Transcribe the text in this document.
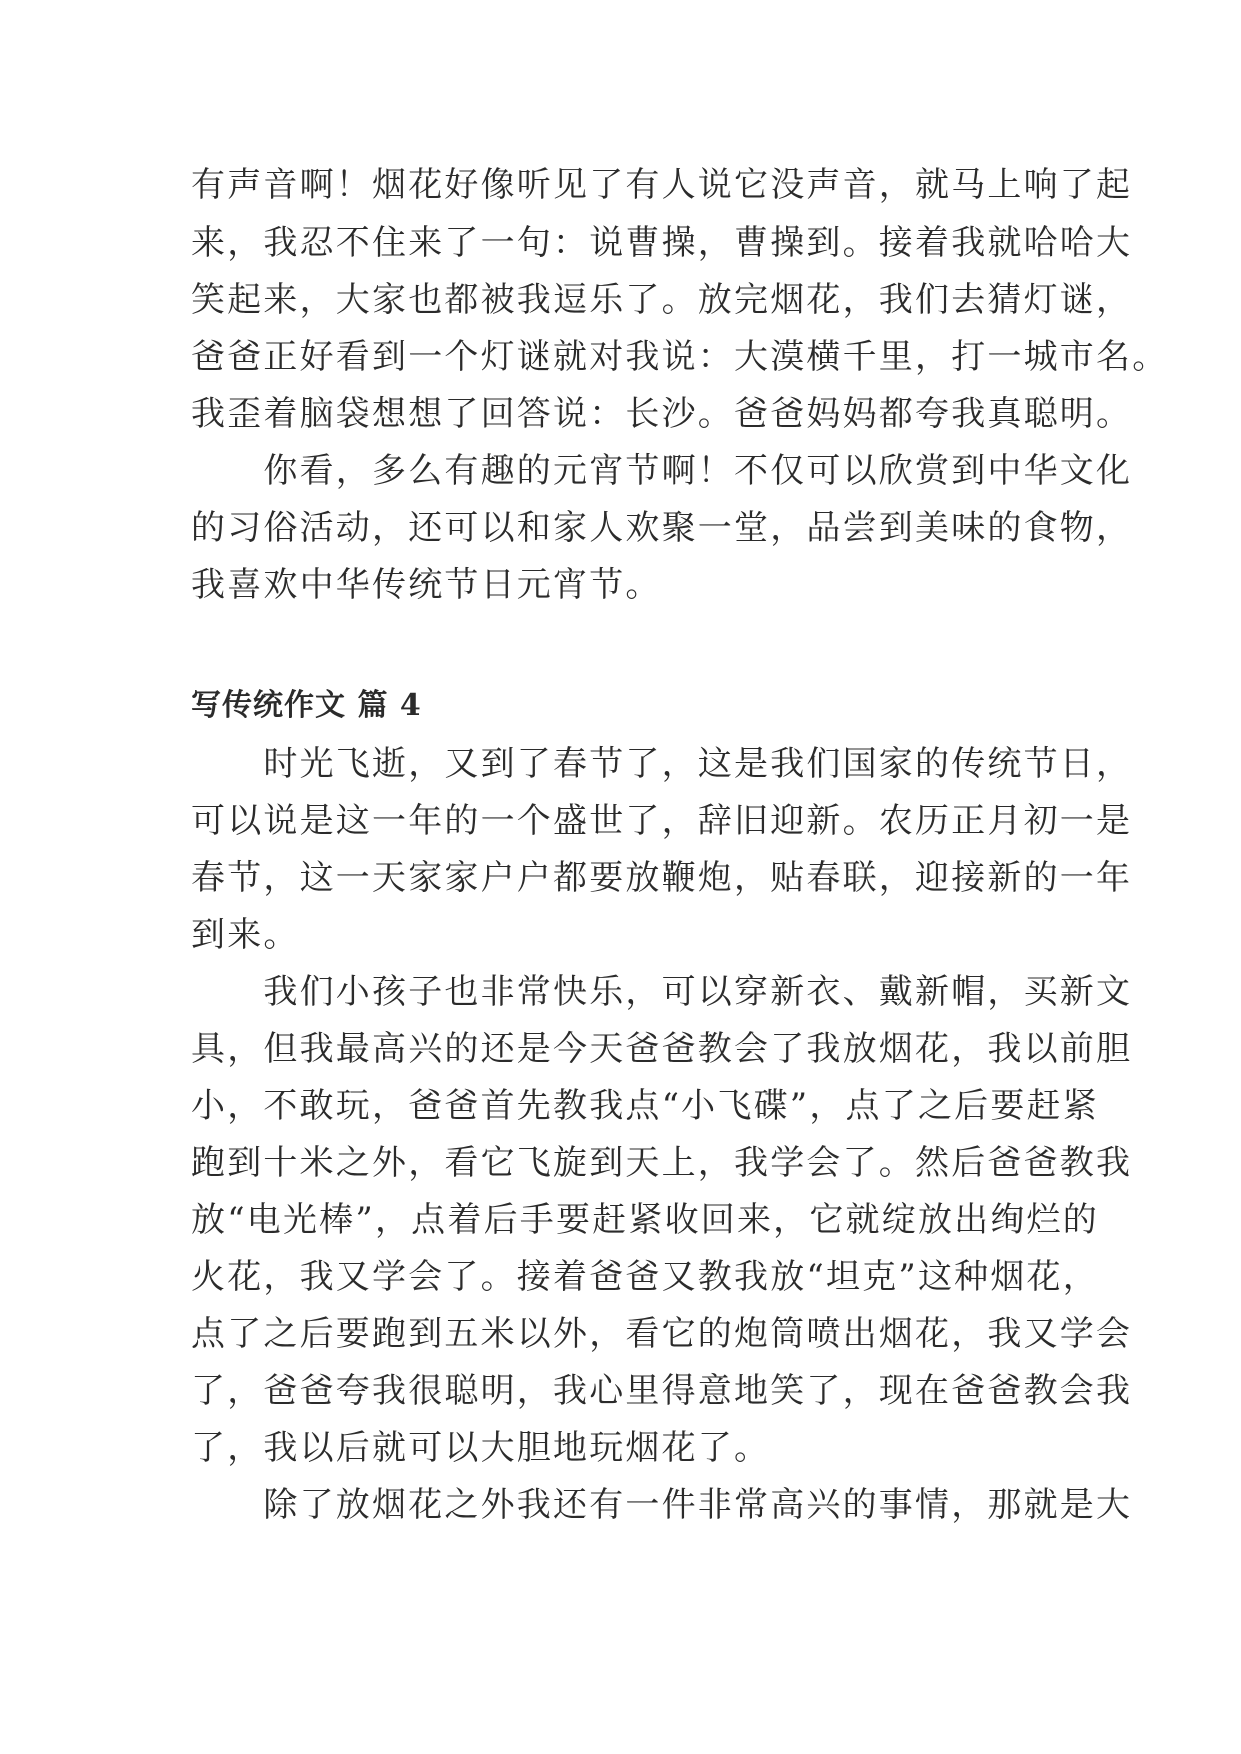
有声音啊！烟花好像听见了有人说它没声音，就马上响了起

来，我忍不住来了一句：说曹操，曹操到。接着我就哈哈大

笑起来，大家也都被我逗乐了。放完烟花，我们去猜灯谜，

爸爸正好看到一个灯谜就对我说：大漠横千里，打一城市名。

我歪着脑袋想想了回答说：长沙。爸爸妈妈都夸我真聪明。

　　你看，多么有趣的元宵节啊！不仅可以欣赏到中华文化

的习俗活动，还可以和家人欢聚一堂，品尝到美味的食物，

我喜欢中华传统节日元宵节。

写传统作文 篇 4

　　时光飞逝，又到了春节了，这是我们国家的传统节日，

可以说是这一年的一个盛世了，辞旧迎新。农历正月初一是

春节，这一天家家户户都要放鞭炮，贴春联，迎接新的一年

到来。

　　我们小孩子也非常快乐，可以穿新衣、戴新帽，买新文

具，但我最高兴的还是今天爸爸教会了我放烟花，我以前胆

小，不敢玩，爸爸首先教我点“小飞碟”，点了之后要赶紧

跑到十米之外，看它飞旋到天上，我学会了。然后爸爸教我

放“电光棒”，点着后手要赶紧收回来，它就绽放出绚烂的

火花，我又学会了。接着爸爸又教我放“坦克”这种烟花，

点了之后要跑到五米以外，看它的炮筒喷出烟花，我又学会

了，爸爸夸我很聪明，我心里得意地笑了，现在爸爸教会我

了，我以后就可以大胆地玩烟花了。

　　除了放烟花之外我还有一件非常高兴的事情，那就是大
